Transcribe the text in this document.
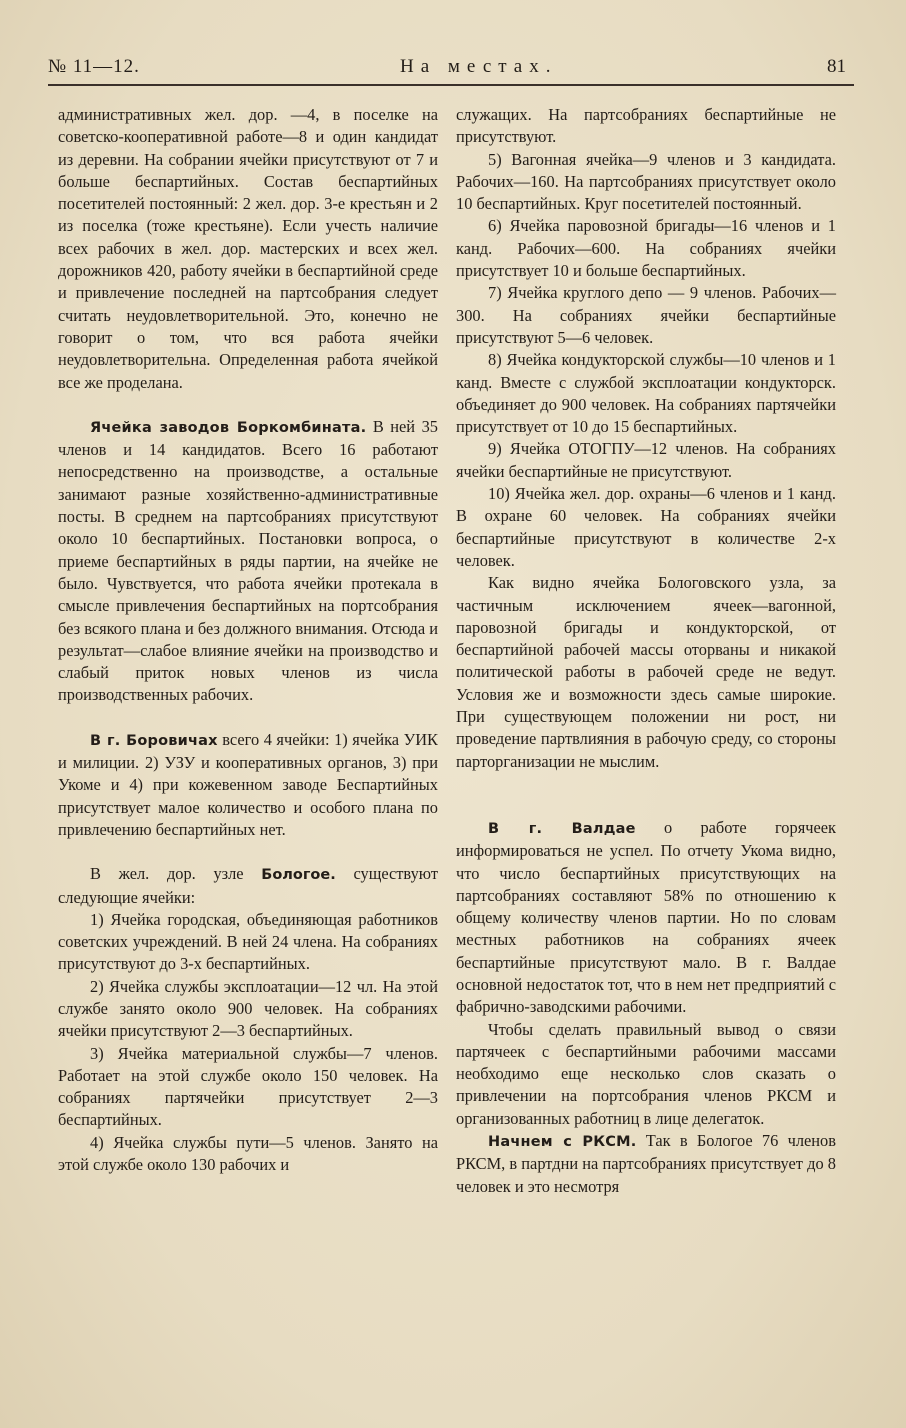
№ 11—12.	На местах.	81

административных жел. дор. —4, в поселке на советско-кооперативной работе—8 и один кандидат из деревни. На собрании ячейки присутствуют от 7 и больше беспартийных. Состав беспартийных посетителей постоянный: 2 жел. дор. 3-е крестьян и 2 из поселка (тоже крестьяне). Если учесть наличие всех рабочих в жел. дор. мастерских и всех жел. дорожников 420, работу ячейки в беспартийной среде и привлечение последней на партсобрания следует считать неудовлетворительной. Это, конечно не говорит о том, что вся работа ячейки неудовлетворительна. Определенная работа ячейкой все же проделана.

Ячейка заводов Боркомбината. В ней 35 членов и 14 кандидатов. Всего 16 работают непосредственно на производстве, а остальные занимают разные хозяйственно-административные посты. В среднем на партсобраниях присутствуют около 10 беспартийных. Постановки вопроса, о приеме беспартийных в ряды партии, на ячейке не было. Чувствуется, что работа ячейки протекала в смысле привлечения беспартийных на портсобрания без всякого плана и без должного внимания. Отсюда и результат—слабое влияние ячейки на производство и слабый приток новых членов из числа производственных рабочих.

В г. Боровичах всего 4 ячейки: 1) ячейка УИК и милиции. 2) УЗУ и кооперативных органов, 3) при Укоме и 4) при кожевенном заводе Беспартийных присутствует малое количество и особого плана по привлечению беспартийных нет.

В жел. дор. узле Бологое. существуют следующие ячейки:

1) Ячейка городская, объединяющая работников советских учреждений. В ней 24 члена. На собраниях присутствуют до 3-х беспартийных.

2) Ячейка службы эксплоатации—12 чл. На этой службе занято около 900 человек. На собраниях ячейки присутствуют 2—3 беспартийных.

3) Ячейка материальной службы—7 членов. Работает на этой службе около 150 человек. На собраниях партячейки присутствует 2—3 беспартийных.

4) Ячейка службы пути—5 членов. Занято на этой службе около 130 рабочих и

служащих. На партсобраниях беспартийные не присутствуют.

5) Вагонная ячейка—9 членов и 3 кандидата. Рабочих—160. На партсобраниях присутствует около 10 беспартийных. Круг посетителей постоянный.

6) Ячейка паровозной бригады—16 членов и 1 канд. Рабочих—600. На собраниях ячейки присутствует 10 и больше беспартийных.

7) Ячейка круглого депо — 9 членов. Рабочих—300. На собраниях ячейки беспартийные присутствуют 5—6 человек.

8) Ячейка кондукторской службы—10 членов и 1 канд. Вместе с службой эксплоатации кондукторск. объединяет до 900 человек. На собраниях партячейки присутствует от 10 до 15 беспартийных.

9) Ячейка ОТОГПУ—12 членов. На собраниях ячейки беспартийные не присутствуют.

10) Ячейка жел. дор. охраны—6 членов и 1 канд. В охране 60 человек. На собраниях ячейки беспартийные присутствуют в количестве 2-х человек.

Как видно ячейка Бологовского узла, за частичным исключением ячеек—вагонной, паровозной бригады и кондукторской, от беспартийной рабочей массы оторваны и никакой политической работы в рабочей среде не ведут. Условия же и возможности здесь самые широкие. При существующем положении ни рост, ни проведение партвлияния в рабочую среду, со стороны парторганизации не мыслим.

В г. Валдае о работе горячеек информироваться не успел. По отчету Укома видно, что число беспартийных присутствующих на партсобраниях составляют 58% по отношению к общему количеству членов партии. Но по словам местных работников на собраниях ячеек беспартийные присутствуют мало. В г. Валдае основной недостаток тот, что в нем нет предприятий с фабрично-заводскими рабочими.

Чтобы сделать правильный вывод о связи партячеек с беспартийными рабочими массами необходимо еще несколько слов сказать о привлечении на портсобрания членов РКСМ и организованных работниц в лице делегаток.

Начнем с РКСМ. Так в Бологое 76 членов РКСМ, в партдни на партсобраниях присутствует до 8 человек и это несмотря
